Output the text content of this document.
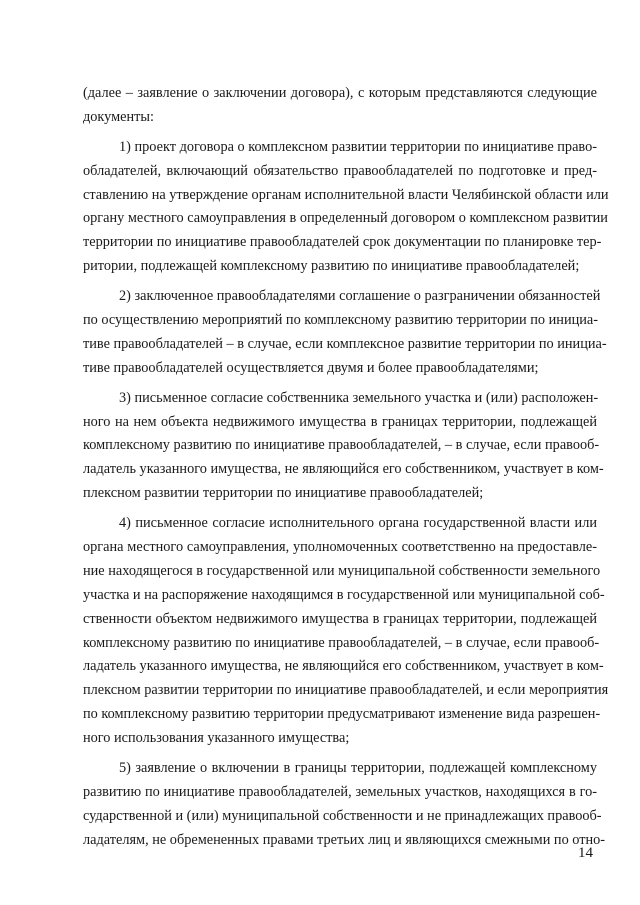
(далее – заявление о заключении договора), с которым представляются следующие
документы:
1) проект договора о комплексном развитии территории по инициативе право-
обладателей, включающий обязательство правообладателей по подготовке и пред-
ставлению на утверждение органам исполнительной власти Челябинской области или
органу местного самоуправления в определенный договором о комплексном развитии
территории по инициативе правообладателей срок документации по планировке тер-
ритории, подлежащей комплексному развитию по инициативе правообладателей;
2) заключенное правообладателями соглашение о разграничении обязанностей
по осуществлению мероприятий по комплексному развитию территории по инициа-
тиве правообладателей – в случае, если комплексное развитие территории по инициа-
тиве правообладателей осуществляется двумя и более правообладателями;
3) письменное согласие собственника земельного участка и (или) расположен-
ного на нем объекта недвижимого имущества в границах территории, подлежащей
комплексному развитию по инициативе правообладателей, – в случае, если правооб-
ладатель указанного имущества, не являющийся его собственником, участвует в ком-
плексном развитии территории по инициативе правообладателей;
4) письменное согласие исполнительного органа государственной власти или
органа местного самоуправления, уполномоченных соответственно на предоставле-
ние находящегося в государственной или муниципальной собственности земельного
участка и на распоряжение находящимся в государственной или муниципальной соб-
ственности объектом недвижимого имущества в границах территории, подлежащей
комплексному развитию по инициативе правообладателей, – в случае, если правооб-
ладатель указанного имущества, не являющийся его собственником, участвует в ком-
плексном развитии территории по инициативе правообладателей, и если мероприятия
по комплексному развитию территории предусматривают изменение вида разрешен-
ного использования указанного имущества;
5) заявление о включении в границы территории, подлежащей комплексному
развитию по инициативе правообладателей, земельных участков, находящихся в го-
сударственной и (или) муниципальной собственности и не принадлежащих правооб-
ладателям, не обремененных правами третьих лиц и являющихся смежными по отно-
14
